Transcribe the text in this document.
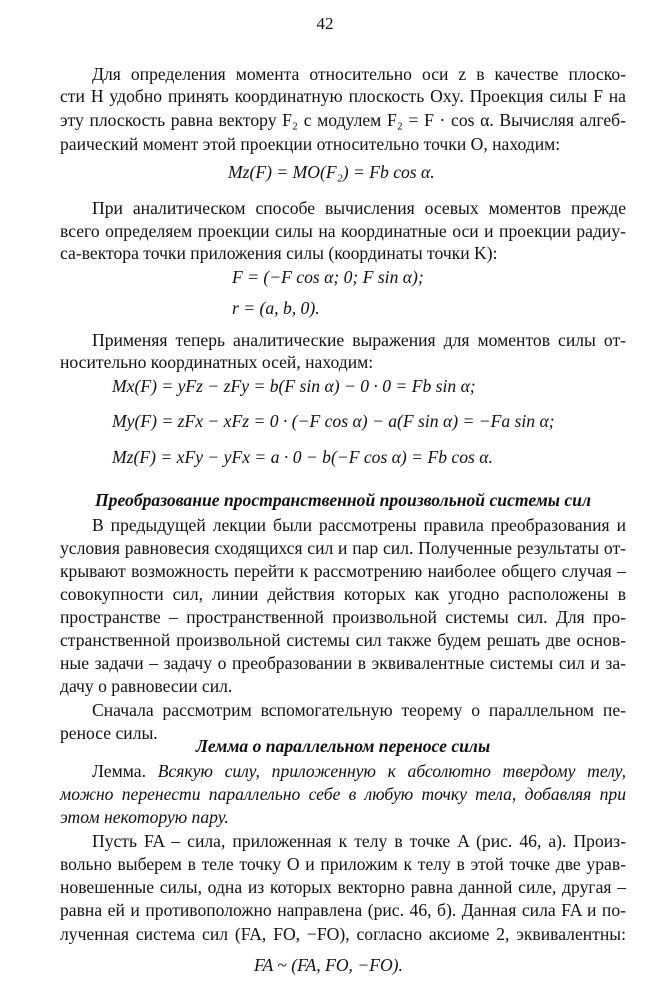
42
Для определения момента относительно оси z в качестве плоско-
сти H удобно принять координатную плоскость Oxy. Проекция силы F на
эту плоскость равна вектору F₂ с модулем F₂ = F · cos α. Вычисляя алгеб-
раический момент этой проекции относительно точки O, находим:
Mz(F) = MO(F₂) = Fb cos α.
При аналитическом способе вычисления осевых моментов прежде
всего определяем проекции силы на координатные оси и проекции радиу-
са-вектора точки приложения силы (координаты точки K):
F = (−F cos α; 0; F sin α);
r = (a, b, 0).
Применяя теперь аналитические выражения для моментов силы от-
носительно координатных осей, находим:
Mx(F) = yFz − zFy = b(F sin α) − 0 · 0 = Fb sin α;
My(F) = zFx − xFz = 0 · (−F cos α) − a(F sin α) = −Fa sin α;
Mz(F) = xFy − yFx = a · 0 − b(−F cos α) = Fb cos α.
Преобразование пространственной произвольной системы сил
В предыдущей лекции были рассмотрены правила преобразования и
условия равновесия сходящихся сил и пар сил. Полученные результаты от-
крывают возможность перейти к рассмотрению наиболее общего случая –
совокупности сил, линии действия которых как угодно расположены в
пространстве – пространственной произвольной системы сил. Для про-
странственной произвольной системы сил также будем решать две основ-
ные задачи – задачу о преобразовании в эквивалентные системы сил и за-
дачу о равновесии сил.
Сначала рассмотрим вспомогательную теорему о параллельном пе-
реносе силы.
Лемма о параллельном переносе силы
Лемма. Всякую силу, приложенную к абсолютно твердому телу,
можно перенести параллельно себе в любую точку тела, добавляя при
этом некоторую пару.
Пусть FA – сила, приложенная к телу в точке A (рис. 46, а). Произ-
вольно выберем в теле точку O и приложим к телу в этой точке две урав-
новешенные силы, одна из которых векторно равна данной силе, другая –
равна ей и противоположно направлена (рис. 46, б). Данная сила FA и по-
лученная система сил (FA, FO, −FO), согласно аксиоме 2, эквивалентны:
FA ~ (FA, FO, −FO).
